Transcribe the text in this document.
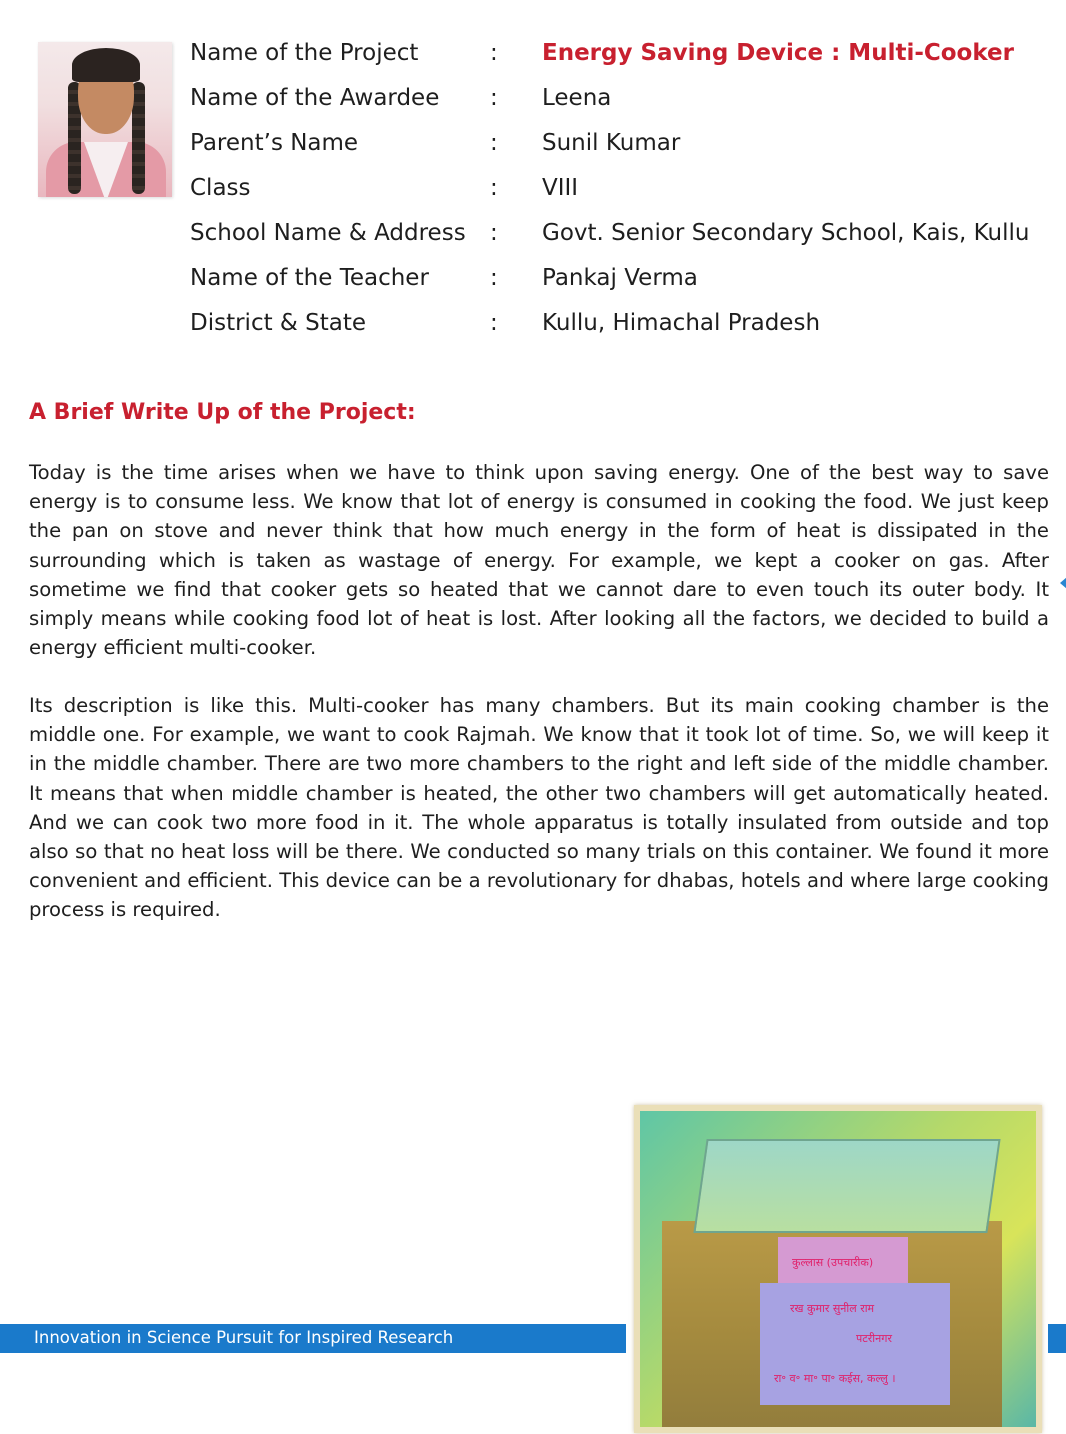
Name of the Project	: Energy Saving Device : Multi-Cooker
Name of the Awardee : Leena
Parent’s Name	: Sunil Kumar
Class	: VIII
School Name & Address : Govt. Senior Secondary School, Kais, Kullu
Name of the Teacher	: Pankaj Verma
District & State	: Kullu, Himachal Pradesh
A Brief Write Up of the Project:

Today is the time arises when we have to think upon saving energy. One of the best way to save energy is to consume less. We know that lot of energy is consumed in cooking the food. We just keep the pan on stove and never think that how much energy in the form of heat is dissipated in the surrounding which is taken as wastage of energy. For example, we kept a cooker on gas. After sometime we find that cooker gets so heated that we cannot dare to even touch its outer body. It simply means while cooking food lot of heat is lost. After looking all the factors, we decided to build a energy efficient multi-cooker.

Its description is like this. Multi-cooker has many chambers. But its main cooking chamber is the middle one. For example, we want to cook Rajmah. We know that it took lot of time. So, we will keep it in the middle chamber. There are two more chambers to the right and left side of the middle chamber. It means that when middle chamber is heated, the other two chambers will get automatically heated. And we can cook two more food in it. The whole apparatus is totally insulated from outside and top also so that no heat loss will be there. We conducted so many trials on this container. We found it more convenient and efficient. This device can be a revolutionary for dhabas, hotels and where large cooking process is required.

Innovation in Science Pursuit for Inspired Research
कुल्लास (उपचारीक)
रख कुमार सुनील राम
पटरीनगर
रा॰ व॰ मा॰ पा॰ कईस, कल्लु ।
